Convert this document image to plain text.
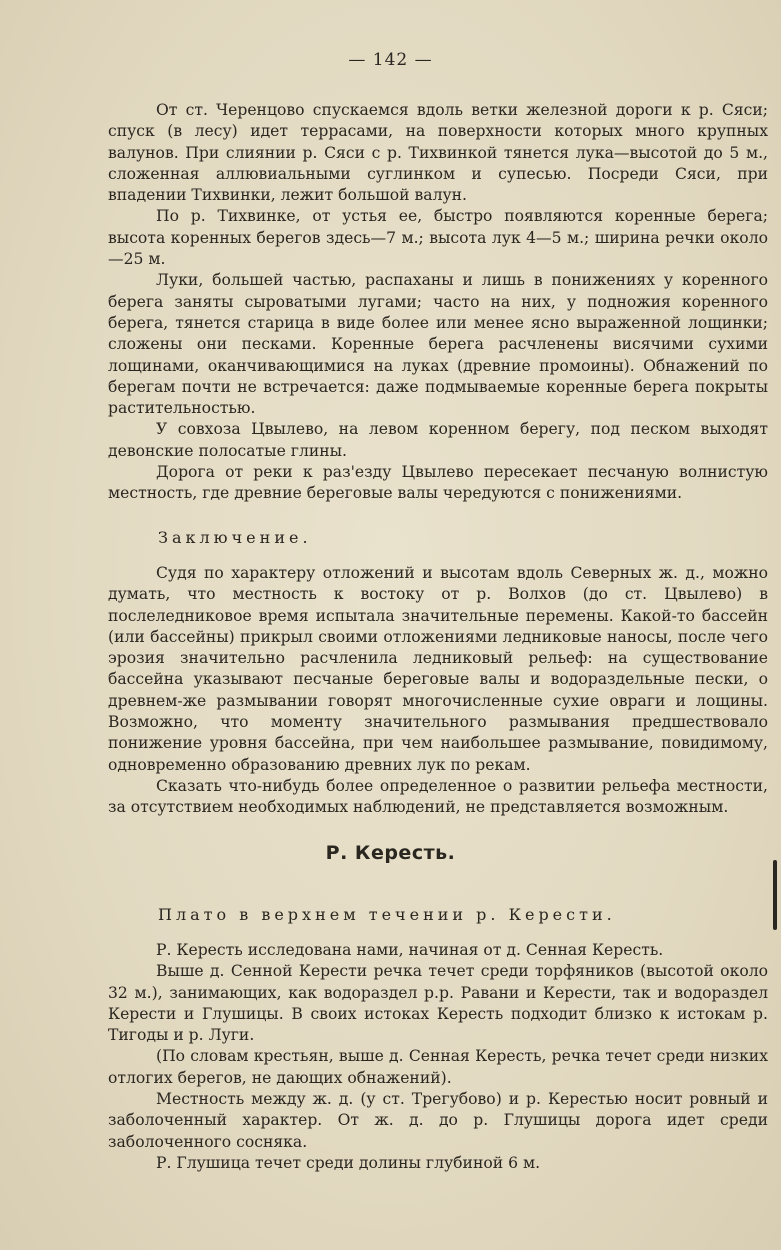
— 142 —

От ст. Черенцово спускаемся вдоль ветки железной дороги к р. Сяси; спуск (в лесу) идет террасами, на поверхности которых много крупных валунов. При слиянии р. Сяси с р. Тихвинкой тянется лука—высотой до 5 м., сложенная аллювиальными суглинком и супесью. Посреди Сяси, при впадении Тихвинки, лежит большой валун.

По р. Тихвинке, от устья ее, быстро появляются коренные берега; высота коренных берегов здесь—7 м.; высота лук 4—5 м.; ширина речки около—25 м.

Луки, большей частью, распаханы и лишь в понижениях у коренного берега заняты сыроватыми лугами; часто на них, у подножия коренного берега, тянется старица в виде более или менее ясно выраженной лощинки; сложены они песками. Коренные берега расчленены висячими сухими лощинами, оканчивающимися на луках (древние промоины). Обнажений по берегам почти не встречается: даже подмываемые коренные берега покрыты растительностью.

У совхоза Цвылево, на левом коренном берегу, под песком выходят девонские полосатые глины.

Дорога от реки к раз'езду Цвылево пересекает песчаную волнистую местность, где древние береговые валы чередуются с понижениями.

Заключение.

Судя по характеру отложений и высотам вдоль Северных ж. д., можно думать, что местность к востоку от р. Волхов (до ст. Цвылево) в послеледниковое время испытала значительные перемены. Какой-то бассейн (или бассейны) прикрыл своими отложениями ледниковые наносы, после чего эрозия значительно расчленила ледниковый рельеф: на существование бассейна указывают песчаные береговые валы и водораздельные пески, о древнем-же размывании говорят многочисленные сухие овраги и лощины. Возможно, что моменту значительного размывания предшествовало понижение уровня бассейна, при чем наибольшее размывание, повидимому, одновременно образованию древних лук по рекам.

Сказать что-нибудь более определенное о развитии рельефа местности, за отсутствием необходимых наблюдений, не представляется возможным.

Р. Кересть.
Плато в верхнем течении р. Керести.

Р. Кересть исследована нами, начиная от д. Сенная Кересть.

Выше д. Сенной Керести речка течет среди торфяников (высотой около 32 м.), занимающих, как водораздел р.р. Равани и Керести, так и водораздел Керести и Глушицы. В своих истоках Кересть подходит близко к истокам р. Тигоды и р. Луги.

(По словам крестьян, выше д. Сенная Кересть, речка течет среди низких отлогих берегов, не дающих обнажений).

Местность между ж. д. (у ст. Трегубово) и р. Керестью носит ровный и заболоченный характер. От ж. д. до р. Глушицы дорога идет среди заболоченного сосняка.

Р. Глушица течет среди долины глубиной 6 м.
